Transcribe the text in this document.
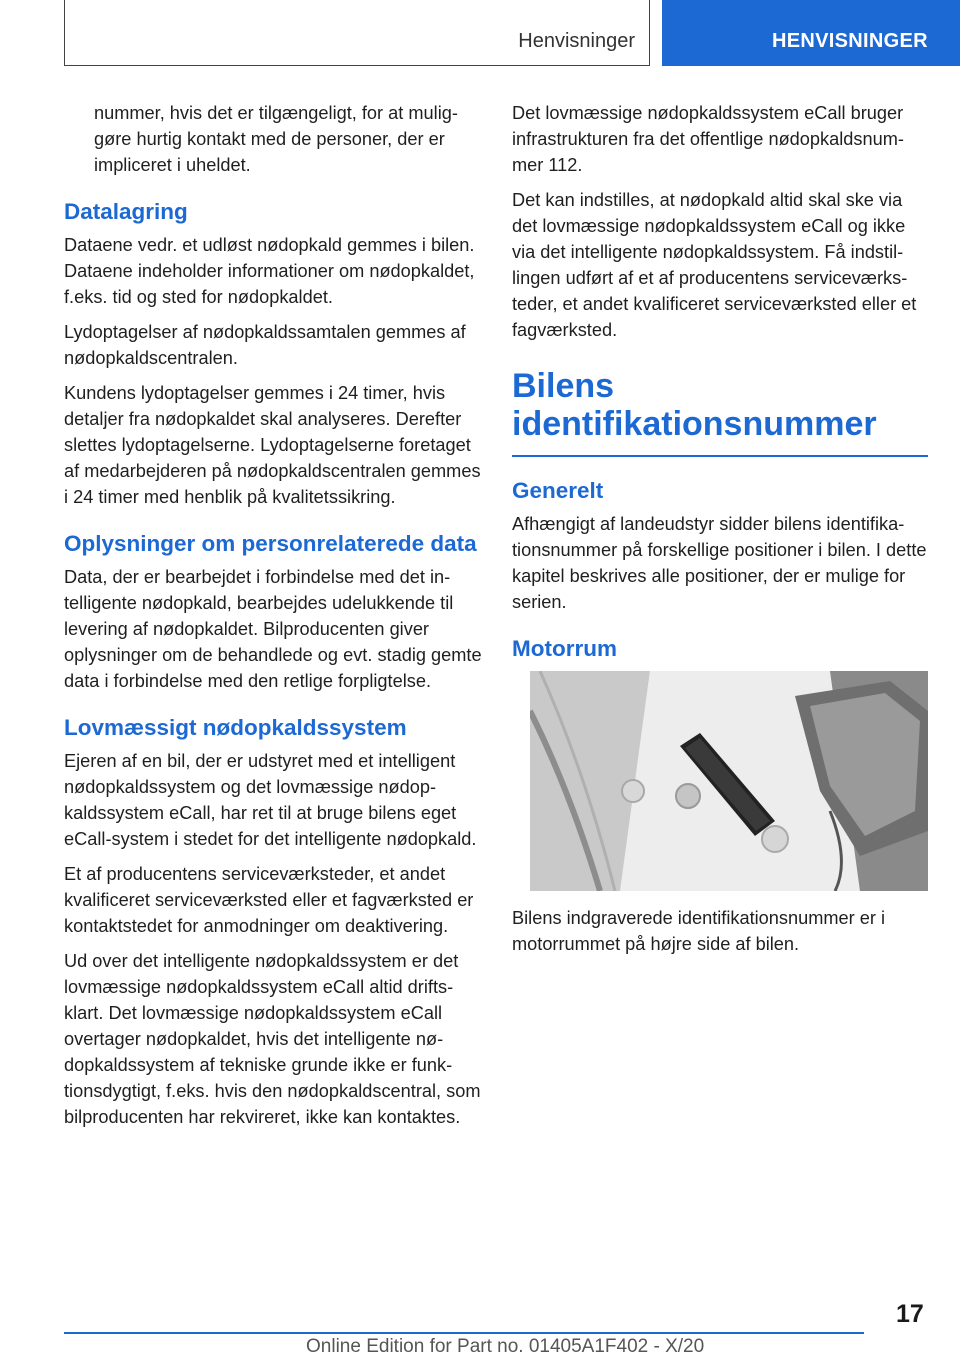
Henvisninger	HENVISNINGER

nummer, hvis det er tilgængeligt, for at muliggøre hurtig kontakt med de personer, der er impliceret i uheldet.

Datalagring

Dataene vedr. et udløst nødopkald gemmes i bilen. Dataene indeholder informationer om nødopkaldet, f.eks. tid og sted for nødopkaldet.

Lydoptagelser af nødopkaldssamtalen gemmes af nødopkaldscentralen.

Kundens lydoptagelser gemmes i 24 timer, hvis detaljer fra nødopkaldet skal analyseres. Derefter slettes lydoptagelserne. Lydoptagelserne foretaget af medarbejderen på nødopkaldscentralen gemmes i 24 timer med henblik på kvalitetssikring.

Oplysninger om personrelaterede data

Data, der er bearbejdet i forbindelse med det intelligente nødopkald, bearbejdes udelukkende til levering af nødopkaldet. Bilproducenten giver oplysninger om de behandlede og evt. stadig gemte data i forbindelse med den retlige forpligtelse.

Lovmæssigt nødopkaldssystem

Ejeren af en bil, der er udstyret med et intelligent nødopkaldssystem og det lovmæssige nødopkaldssystem eCall, har ret til at bruge bilens eget eCall-system i stedet for det intelligente nødopkald.

Et af producentens serviceværksteder, et andet kvalificeret serviceværksted eller et fagværksted er kontaktstedet for anmodninger om deaktivering.

Ud over det intelligente nødopkaldssystem er det lovmæssige nødopkaldssystem eCall altid driftsklart. Det lovmæssige nødopkaldssystem eCall overtager nødopkaldet, hvis det intelligente nødopkaldssystem af tekniske grunde ikke er funktionsdygtigt, f.eks. hvis den nødopkaldscentral, som bilproducenten har rekvireret, ikke kan kontaktes.

Det lovmæssige nødopkaldssystem eCall bruger infrastrukturen fra det offentlige nødopkaldsnummer 112.

Det kan indstilles, at nødopkald altid skal ske via det lovmæssige nødopkaldssystem eCall og ikke via det intelligente nødopkaldssystem. Få indstillingen udført af et af producentens serviceværksteder, et andet kvalificeret serviceværksted eller et fagværksted.

Bilens identifikationsnummer
Generelt

Afhængigt af landeudstyr sidder bilens identifikationsnummer på forskellige positioner i bilen. I dette kapitel beskrives alle positioner, der er mulige for serien.

Motorrum

Bilens indgraverede identifikationsnummer er i motorrummet på højre side af bilen.

17
Online Edition for Part no. 01405A1F402 - X/20
